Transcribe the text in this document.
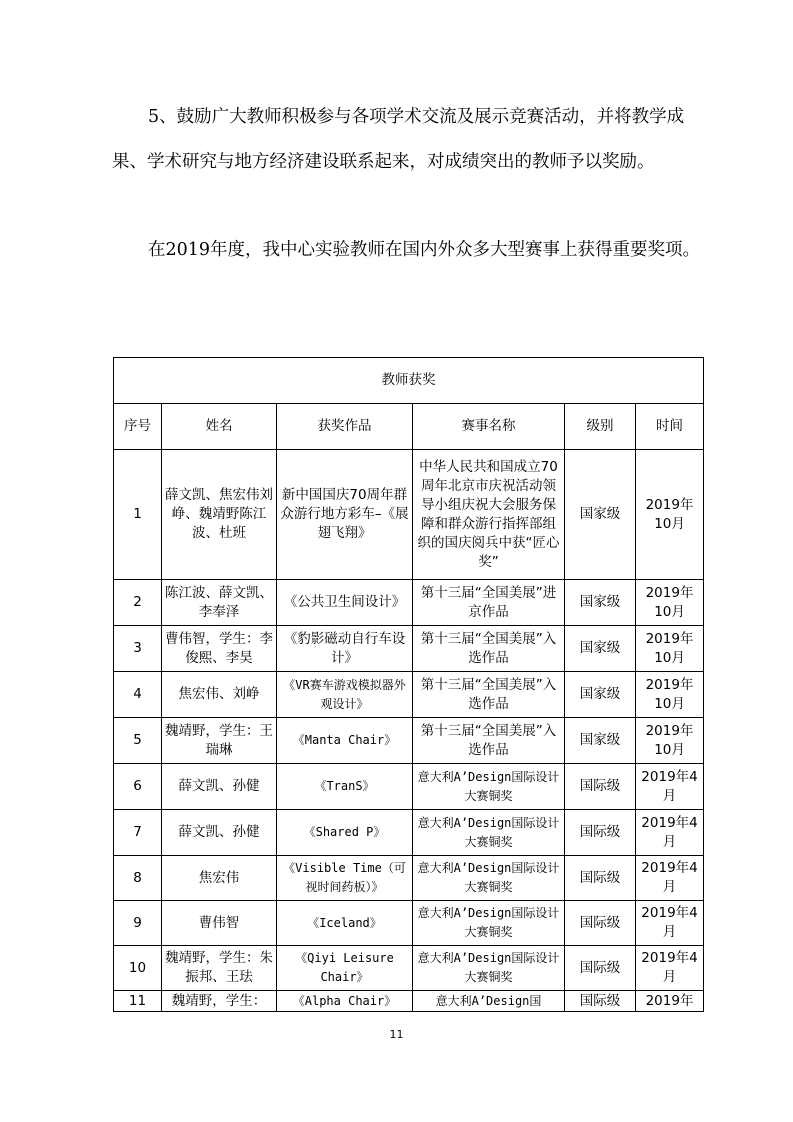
5、鼓励广大教师积极参与各项学术交流及展示竞赛活动，并将教学成果、学术研究与地方经济建设联系起来，对成绩突出的教师予以奖励。

在2019年度，我中心实验教师在国内外众多大型赛事上获得重要奖项。

教师获奖					
序号	姓名	获奖作品	赛事名称	级别	时间
1	薛文凯、焦宏伟刘峥、魏靖野陈江波、杜班	新中国国庆70周年群众游行地方彩车–《展翅飞翔》	中华人民共和国成立70周年北京市庆祝活动领导小组庆祝大会服务保障和群众游行指挥部组织的国庆阅兵中获“匠心奖”	国家级	2019年10月
2	陈江波、薛文凯、李奉泽	《公共卫生间设计》	第十三届“全国美展”进京作品	国家级	2019年10月
3	曹伟智，学生：李俊熙、李昊	《豹影磁动自行车设计》	第十三届“全国美展”入选作品	国家级	2019年10月
4	焦宏伟、刘峥	《VR赛车游戏模拟器外观设计》	第十三届“全国美展”入选作品	国家级	2019年10月
5	魏靖野，学生：王瑞琳	《Manta Chair》	第十三届“全国美展”入选作品	国家级	2019年10月
6	薛文凯、孙健	《TranS》	意大利A’Design国际设计大赛铜奖	国际级	2019年4月
7	薛文凯、孙健	《Shared P》	意大利A’Design国际设计大赛铜奖	国际级	2019年4月
8	焦宏伟	《Visible Time（可视时间药板）》	意大利A’Design国际设计大赛铜奖	国际级	2019年4月
9	曹伟智	《Iceland》	意大利A’Design国际设计大赛铜奖	国际级	2019年4月
10	魏靖野，学生：朱振邦、王珐	《Qiyi Leisure Chair》	意大利A’Design国际设计大赛铜奖	国际级	2019年4月
11	魏靖野，学生：	《Alpha Chair》	意大利A’Design国	国际级	2019年
11
